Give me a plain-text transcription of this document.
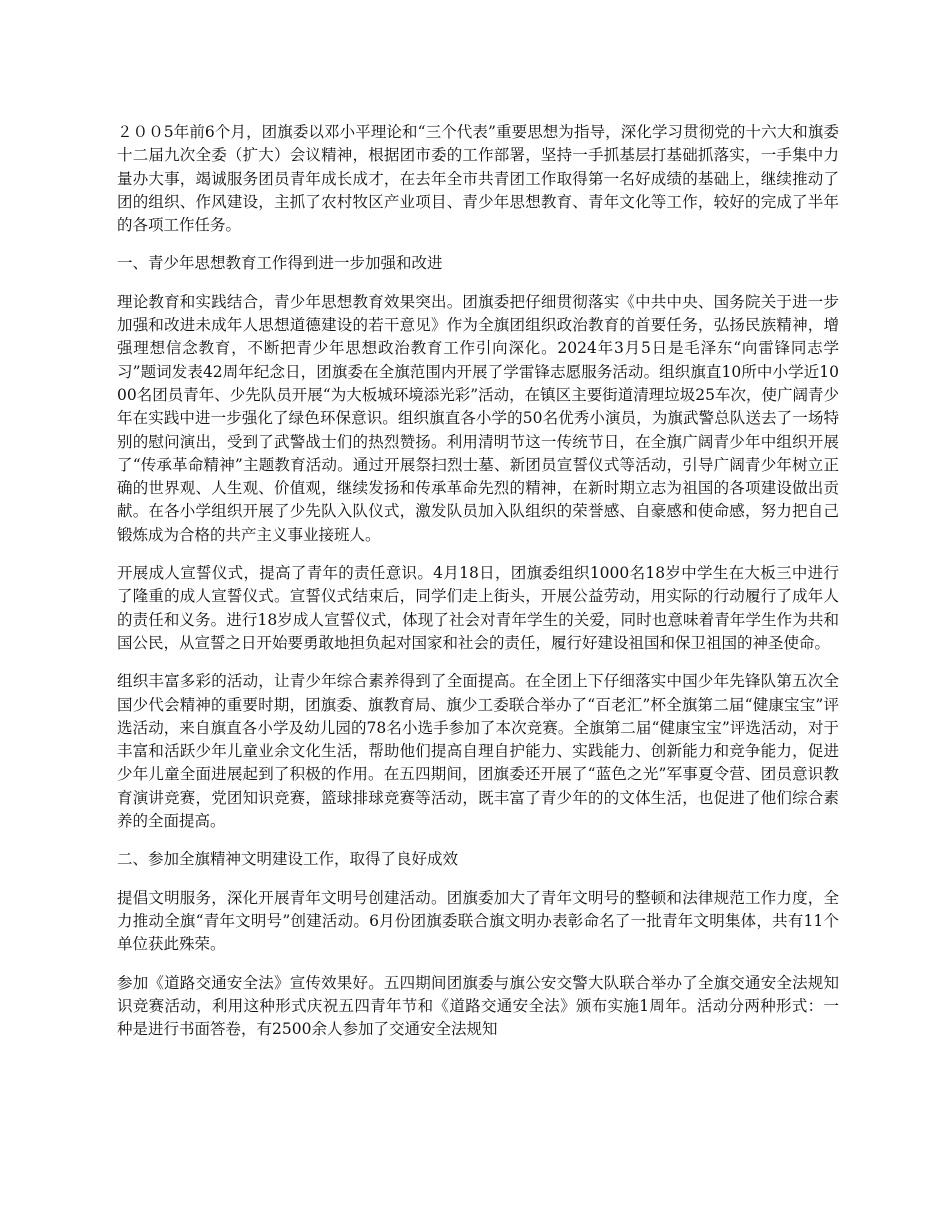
２００5年前6个月，团旗委以邓小平理论和“三个代表”重要思想为指导，深化学习贯彻党的十六大和旗委十二届九次全委（扩大）会议精神，根据团市委的工作部署，坚持一手抓基层打基础抓落实，一手集中力量办大事，竭诚服务团员青年成长成才，在去年全市共青团工作取得第一名好成绩的基础上，继续推动了团的组织、作风建设，主抓了农村牧区产业项目、青少年思想教育、青年文化等工作，较好的完成了半年的各项工作任务。

一、青少年思想教育工作得到进一步加强和改进

理论教育和实践结合，青少年思想教育效果突出。团旗委把仔细贯彻落实《中共中央、国务院关于进一步加强和改进未成年人思想道德建设的若干意见》作为全旗团组织政治教育的首要任务，弘扬民族精神，增强理想信念教育，不断把青少年思想政治教育工作引向深化。2024年3月5日是毛泽东“向雷锋同志学习”题词发表42周年纪念日，团旗委在全旗范围内开展了学雷锋志愿服务活动。组织旗直10所中小学近1000名团员青年、少先队员开展“为大板城环境添光彩”活动，在镇区主要街道清理垃圾25车次，使广阔青少年在实践中进一步强化了绿色环保意识。组织旗直各小学的50名优秀小演员，为旗武警总队送去了一场特别的慰问演出，受到了武警战士们的热烈赞扬。利用清明节这一传统节日，在全旗广阔青少年中组织开展了“传承革命精神”主题教育活动。通过开展祭扫烈士墓、新团员宣誓仪式等活动，引导广阔青少年树立正确的世界观、人生观、价值观，继续发扬和传承革命先烈的精神，在新时期立志为祖国的各项建设做出贡献。在各小学组织开展了少先队入队仪式，激发队员加入队组织的荣誉感、自豪感和使命感，努力把自己锻炼成为合格的共产主义事业接班人。

开展成人宣誓仪式，提高了青年的责任意识。4月18日，团旗委组织1000名18岁中学生在大板三中进行了隆重的成人宣誓仪式。宣誓仪式结束后，同学们走上街头，开展公益劳动，用实际的行动履行了成年人的责任和义务。进行18岁成人宣誓仪式，体现了社会对青年学生的关爱，同时也意味着青年学生作为共和国公民，从宣誓之日开始要勇敢地担负起对国家和社会的责任，履行好建设祖国和保卫祖国的神圣使命。

组织丰富多彩的活动，让青少年综合素养得到了全面提高。在全团上下仔细落实中国少年先锋队第五次全国少代会精神的重要时期，团旗委、旗教育局、旗少工委联合举办了“百老汇”杯全旗第二届“健康宝宝”评选活动，来自旗直各小学及幼儿园的78名小选手参加了本次竞赛。全旗第二届“健康宝宝”评选活动，对于丰富和活跃少年儿童业余文化生活，帮助他们提高自理自护能力、实践能力、创新能力和竞争能力，促进少年儿童全面进展起到了积极的作用。在五四期间，团旗委还开展了“蓝色之光”军事夏令营、团员意识教育演讲竞赛，党团知识竞赛，篮球排球竞赛等活动，既丰富了青少年的的文体生活，也促进了他们综合素养的全面提高。

二、参加全旗精神文明建设工作，取得了良好成效

提倡文明服务，深化开展青年文明号创建活动。团旗委加大了青年文明号的整顿和法律规范工作力度，全力推动全旗“青年文明号”创建活动。6月份团旗委联合旗文明办表彰命名了一批青年文明集体，共有11个单位获此殊荣。

参加《道路交通安全法》宣传效果好。五四期间团旗委与旗公安交警大队联合举办了全旗交通安全法规知识竞赛活动，利用这种形式庆祝五四青年节和《道路交通安全法》颁布实施1周年。活动分两种形式：一种是进行书面答卷，有2500余人参加了交通安全法规知
